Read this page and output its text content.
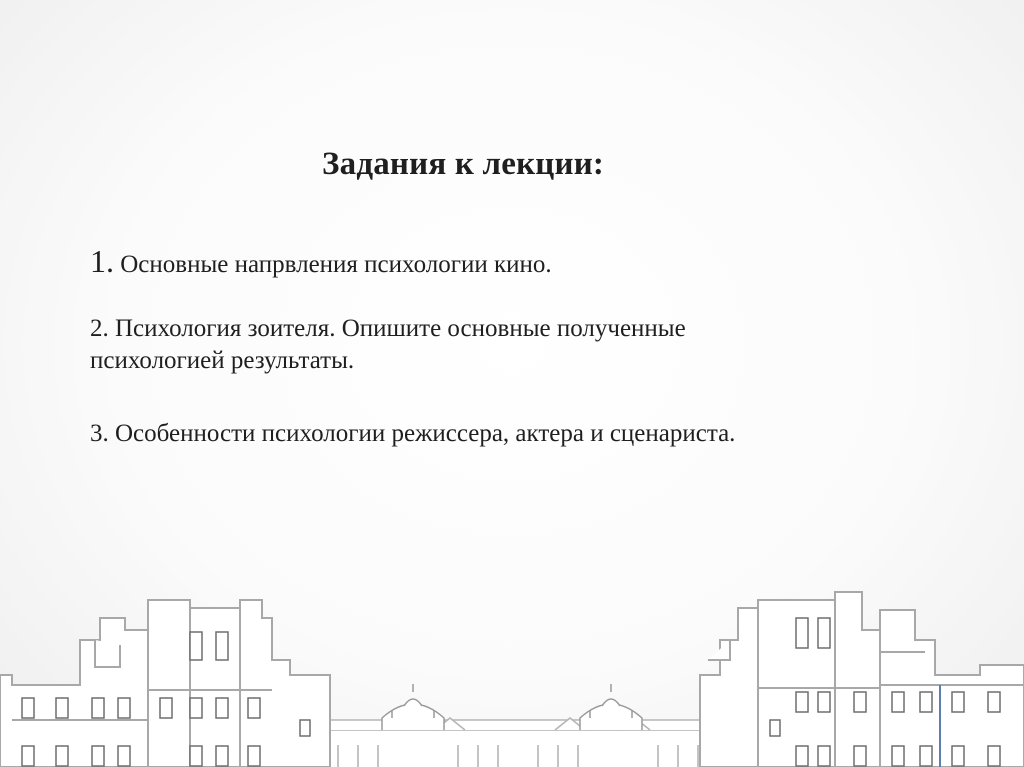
Задания к лекции:
1. Основные напрвления психологии кино.
2. Психология зоителя. Опишите основные полученные
психологией результаты.
3. Особенности психологии режиссера, актера и сценариста.
